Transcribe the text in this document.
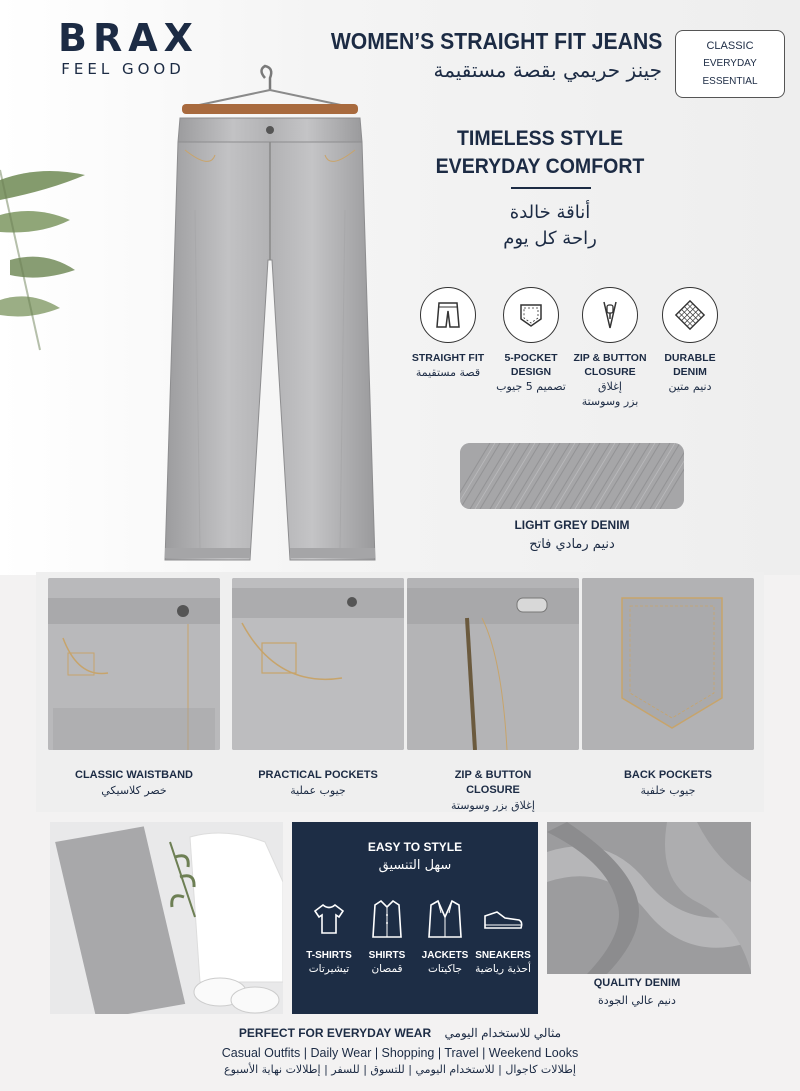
BRAX
FEEL GOOD
WOMEN’S STRAIGHT FIT JEANS
جينز حريمي بقصة مستقيمة
CLASSIC
EVERYDAY
ESSENTIAL
TIMELESS STYLE
EVERYDAY COMFORT
أناقة خالدة
راحة كل يوم
STRAIGHT FIT
قصة مستقيمة
5-POCKET
DESIGN
تصميم 5 جيوب
ZIP & BUTTON
CLOSURE
إغلاق
بزر وسوستة
DURABLE
DENIM
دنيم متين
LIGHT GREY DENIM
دنيم رمادي فاتح
CLASSIC WAISTBAND
خصر كلاسيكي
PRACTICAL POCKETS
جيوب عملية
ZIP & BUTTON
CLOSURE
إغلاق بزر وسوستة
BACK POCKETS
جيوب خلفية
EASY TO STYLE
سهل التنسيق
T-SHIRTS
تيشيرتات
SHIRTS
قمصان
JACKETS
جاكيتات
SNEAKERS
أحذية رياضية
QUALITY DENIM
دنيم عالي الجودة
PERFECT FOR EVERYDAY WEAR مثالي للاستخدام اليومي
Casual Outfits | Daily Wear | Shopping | Travel | Weekend Looks
إطلالات كاجوال | للاستخدام اليومي | للتسوق | للسفر | إطلالات نهاية الأسبوع
